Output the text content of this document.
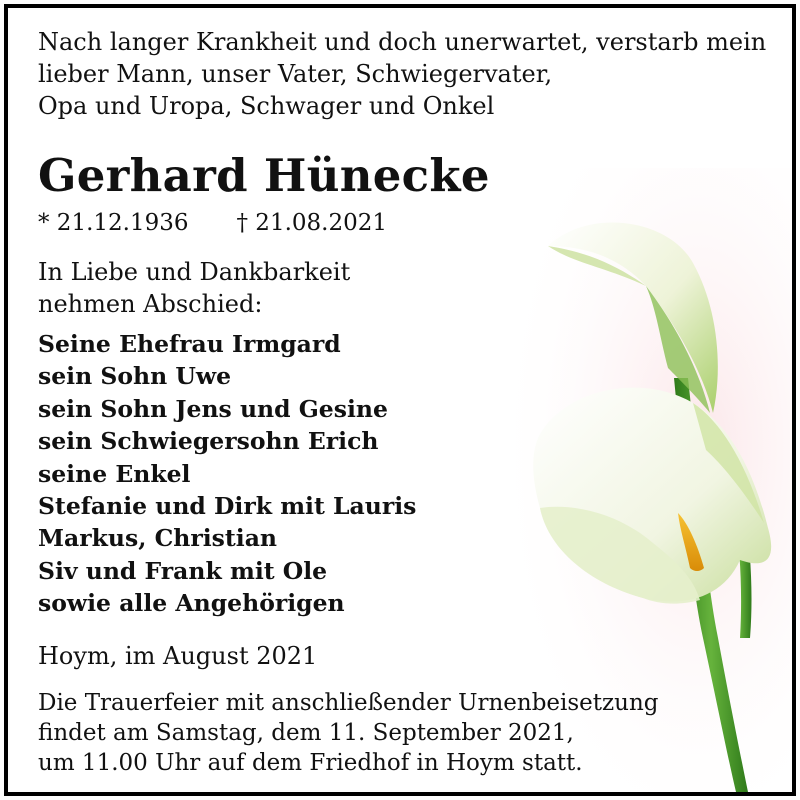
Nach langer Krankheit und doch unerwartet, verstarb mein
lieber Mann, unser Vater, Schwiegervater,
Opa und Uropa, Schwager und Onkel
Gerhard Hünecke
* 21.12.1936 † 21.08.2021
In Liebe und Dankbarkeit
nehmen Abschied:
Seine Ehefrau Irmgard
sein Sohn Uwe
sein Sohn Jens und Gesine
sein Schwiegersohn Erich
seine Enkel
Stefanie und Dirk mit Lauris
Markus, Christian
Siv und Frank mit Ole
sowie alle Angehörigen
Hoym, im August 2021
Die Trauerfeier mit anschließender Urnenbeisetzung
findet am Samstag, dem 11. September 2021,
um 11.00 Uhr auf dem Friedhof in Hoym statt.
